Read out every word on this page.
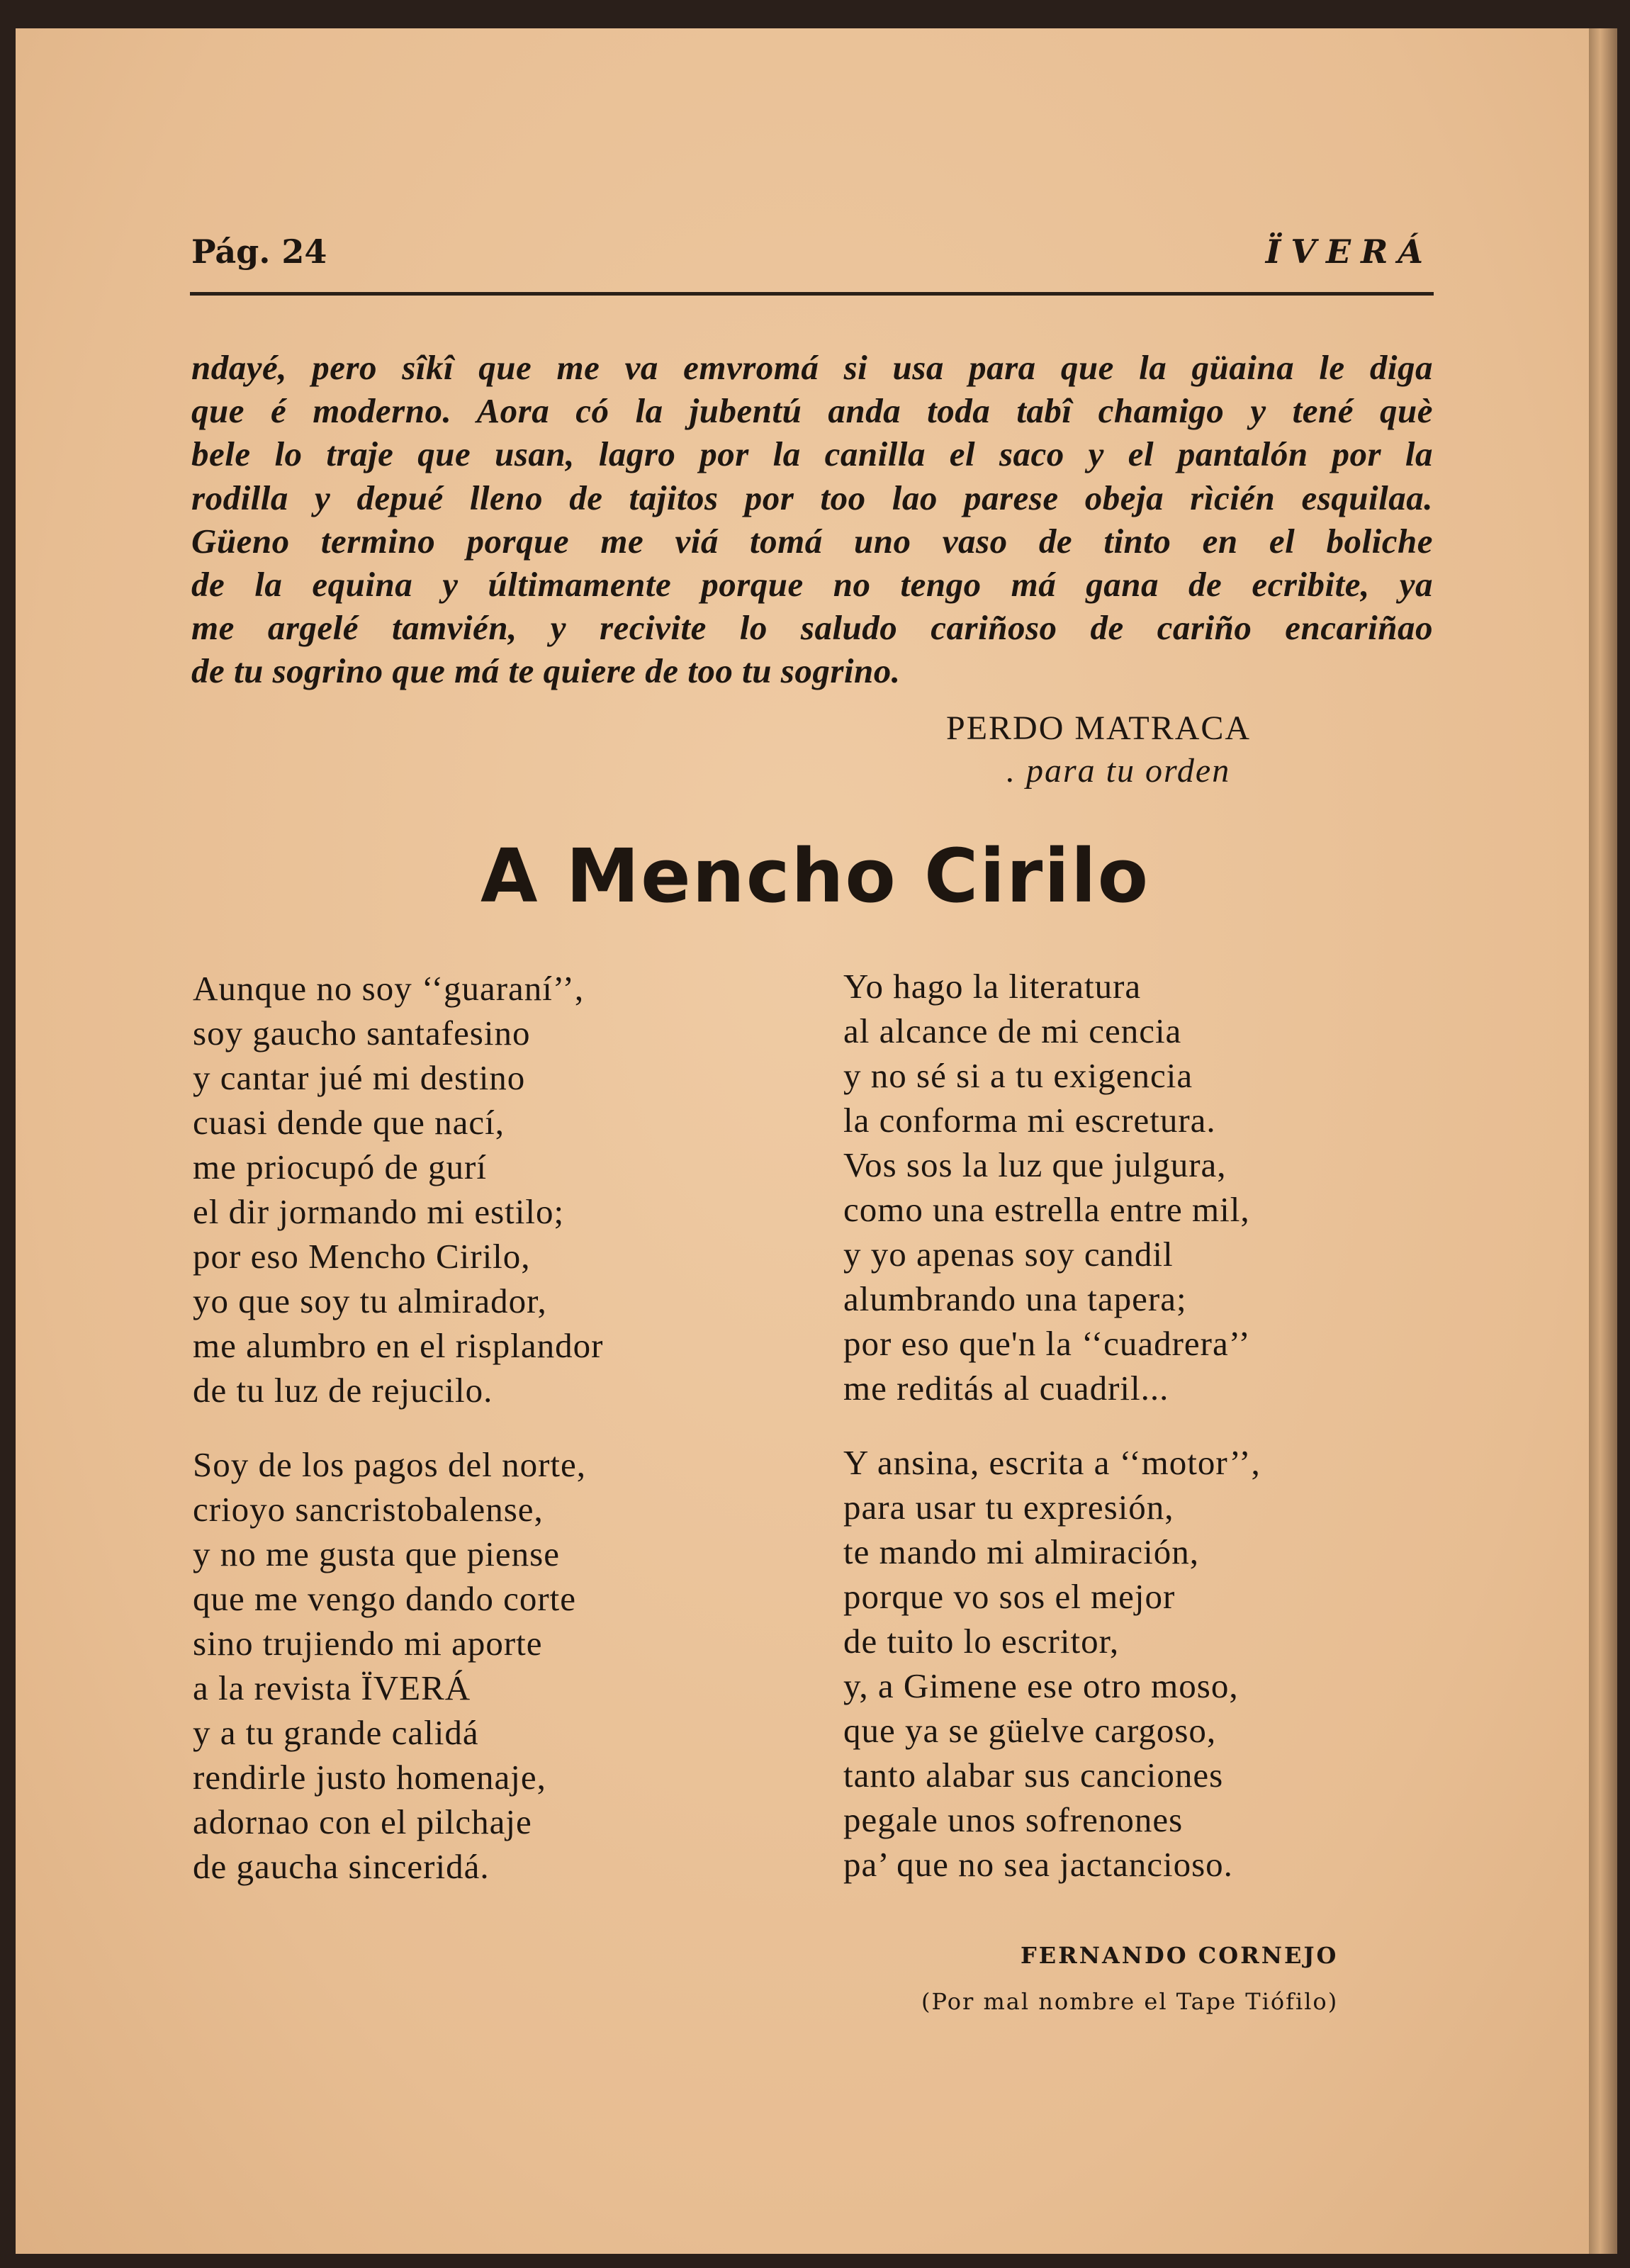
Pág. 24	ÏVERÁ
ndayé, pero sîkî que me va emvromá si usa para que la güaina le diga
que é moderno. Aora có la jubentú anda toda tabî chamigo y tené què
bele lo traje que usan, lagro por la canilla el saco y el pantalón por la
rodilla y depué lleno de tajitos por too lao parese obeja rìcién esquilaa.
Güeno termino porque me viá tomá uno vaso de tinto en el boliche
de la equina y últimamente porque no tengo má gana de ecribite, ya
me argelé tamvién, y recivite lo saludo cariñoso de cariño encariñao
de tu sogrino que má te quiere de too tu sogrino.
PERDO MATRACA
. para tu orden
A Mencho Cirilo
Aunque no soy ‘‘guaraní’’,
soy gaucho santafesino
y cantar jué mi destino
cuasi dende que nací,
me priocupó de gurí
el dir jormando mi estilo;
por eso Mencho Cirilo,
yo que soy tu almirador,
me alumbro en el risplandor
de tu luz de rejucilo.
Soy de los pagos del norte,
crioyo sancristobalense,
y no me gusta que piense
que me vengo dando corte
sino trujiendo mi aporte
a la revista ÏVERÁ
y a tu grande calidá
rendirle justo homenaje,
adornao con el pilchaje
de gaucha sinceridá.
Yo hago la literatura
al alcance de mi cencia
y no sé si a tu exigencia
la conforma mi escretura.
Vos sos la luz que julgura,
como una estrella entre mil,
y yo apenas soy candil
alumbrando una tapera;
por eso que'n la ‘‘cuadrera’’
me reditás al cuadril...
Y ansina, escrita a ‘‘motor’’,
para usar tu expresión,
te mando mi almiración,
porque vo sos el mejor
de tuito lo escritor,
y, a Gimene ese otro moso,
que ya se güelve cargoso,
tanto alabar sus canciones
pegale unos sofrenones
pa’ que no sea jactancioso.
FERNANDO CORNEJO
(Por mal nombre el Tape Tiófilo)
